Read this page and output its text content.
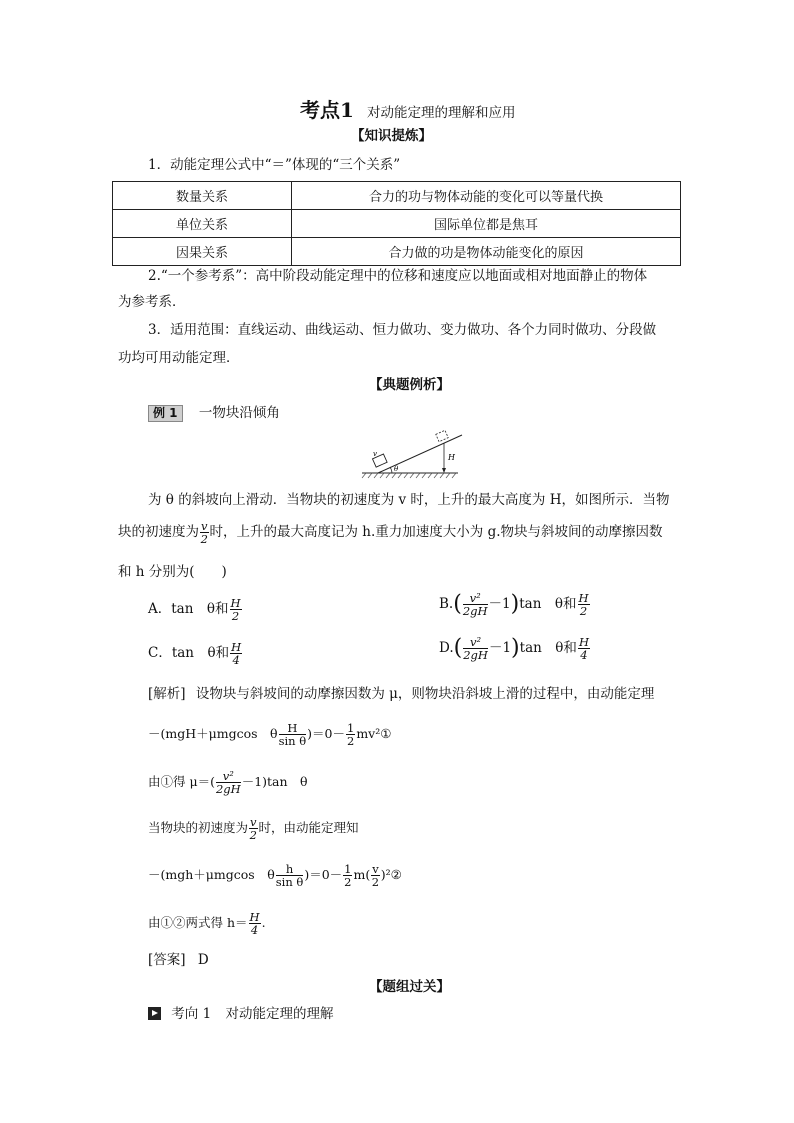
考点1 对动能定理的理解和应用
【知识提炼】
1．动能定理公式中“＝”体现的“三个关系”
数量关系	合力的功与物体动能的变化可以等量代换
单位关系	国际单位都是焦耳
因果关系	合力做的功是物体动能变化的原因
2.“一个参考系”：高中阶段动能定理中的位移和速度应以地面或相对地面静止的物体
为参考系．
3．适用范围：直线运动、曲线运动、恒力做功、变力做功、各个力同时做功、分段做
功均可用动能定理．
【典题例析】
例 1 一物块沿倾角
v
θ
H
为 θ 的斜坡向上滑动．当物块的初速度为 v 时，上升的最大高度为 H，如图所示．当物
块的初速度为 $\frac{v}{2}$ 时，上升的最大高度记为 h.重力加速度大小为 g.物块与斜坡间的动摩擦因数
和 h 分别为(　　)
A．tan　θ和 $\frac{H}{2}$	$B.( \frac{\text{v²}}{2gH} -1)\tan$　θ和 $\frac{H}{2}$
C．tan　θ和 $\frac{H}{4}$	$D.( \frac{\text{v²}}{2gH} -1)\tan$　θ和 $\frac{H}{4}$
[解析] 设物块与斜坡间的动摩擦因数为 μ，则物块沿斜坡上滑的过程中，由动能定理
－(mgH＋μmgcos　θ $\frac{H}{\text{sin θ}} )=0- \frac{1}{2}$ mv²①
由①得 $\mu=( \frac{\text{v²}}{2gH} -1)\tan$　θ
当物块的初速度为 $\frac{v}{2}$ 时，由动能定理知
－(mgh＋μmgcos　θ $\frac{h}{\text{sin θ}} )=0- \frac{1}{2} m( \frac{v}{2}$ )²②
由①②两式得 $h= \frac{H}{4}$ .
[答案] D
【题组过关】
考向 1 对动能定理的理解
